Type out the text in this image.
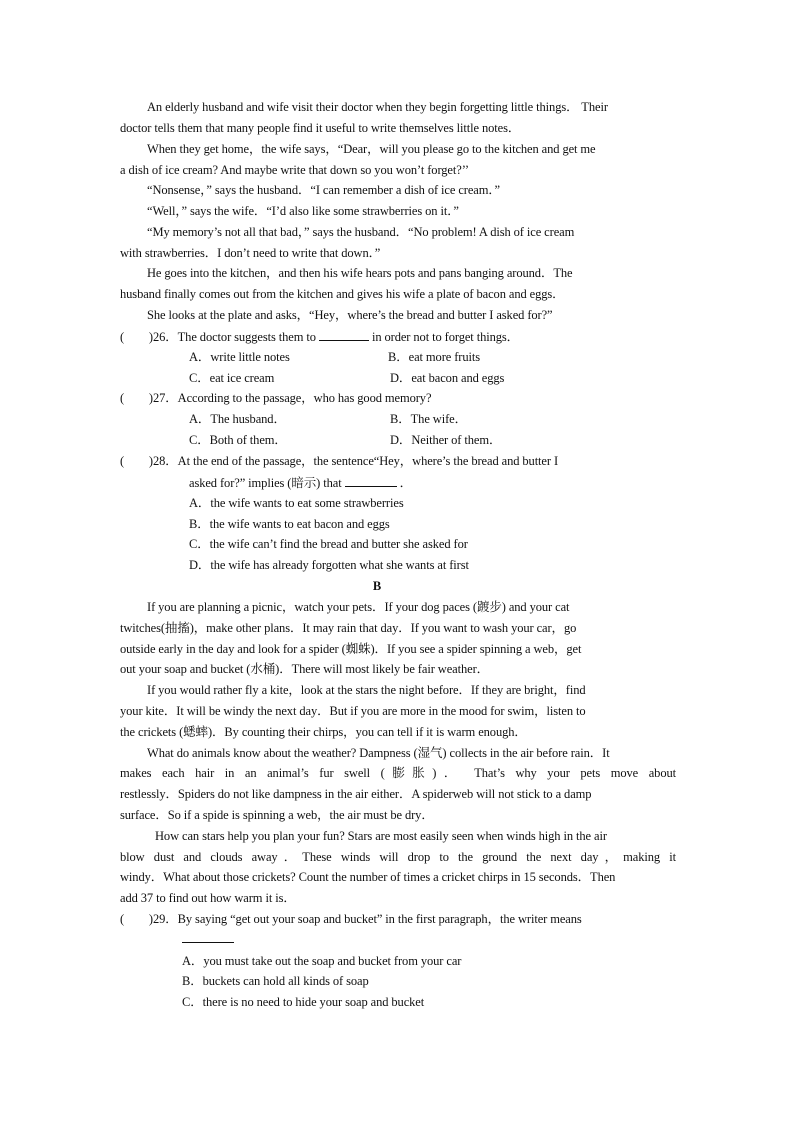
An elderly husband and wife visit their doctor when they begin forgetting little things． Their
doctor tells them that many people find it useful to write themselves little notes．
When they get home，the wife says，“Dear，will you please go to the kitchen and get me
a dish of ice cream? And maybe write that down so you won’t forget?’’
“Nonsense，” says the husband．“I can remember a dish of ice cream．”
“Well，” says the wife．“I’d also like some strawberries on it．”
“My memory’s not all that bad，” says the husband．“No problem! A dish of ice cream
with strawberries．I don’t need to write that down．”
He goes into the kitchen，and then his wife hears pots and pans banging around．The
husband finally comes out from the kitchen and gives his wife a plate of bacon and eggs．
She looks at the plate and asks，“Hey，where’s the bread and butter I asked for?”
(　　)26．The doctor suggests them to	in order not to forget things．
A．write little notes	B．eat more fruits
C．eat ice cream	D．eat bacon and eggs
(　　)27．According to the passage，who has good memory?
A．The husband．	B．The wife．
C．Both of them．	D．Neither of them．
(　　)28．At the end of the passage，the sentence“Hey，where’s the bread and butter I
asked for?” implies (暗示) that	．
A．the wife wants to eat some strawberries
B．the wife wants to eat bacon and eggs
C．the wife can’t find the bread and butter she asked for
D．the wife has already forgotten what she wants at first
B
If you are planning a picnic，watch your pets．If your dog paces (踱步) and your cat
twitches(抽搐)，make other plans．It may rain that day．If you want to wash your car，go
outside early in the day and look for a spider (蜘蛛)．If you see a spider spinning a web，get
out your soap and bucket (水桶)．There will most likely be fair weather．
If you would rather fly a kite，look at the stars the night before．If they are bright，find
your kite．It will be windy the next day．But if you are more in the mood for swim，listen to
the crickets (蟋蟀)．By counting their chirps，you can tell if it is warm enough．
What do animals know about the weather? Dampness (湿气) collects in the air before rain．It
makes each hair in an animal’s fur swell (膨胀)． That’s why your pets move about
restlessly．Spiders do not like dampness in the air either．A spiderweb will not stick to a damp
surface．So if a spide is spinning a web，the air must be dry．
How can stars help you plan your fun? Stars are most easily seen when winds high in the air
blow dust and clouds away．These winds will drop to the ground the next day，making it
windy．What about those crickets? Count the number of times a cricket chirps in 15 seconds．Then
add 37 to find out how warm it is．
(　　)29．By saying “get out your soap and bucket” in the first paragraph，the writer means
A．you must take out the soap and bucket from your car
B．buckets can hold all kinds of soap
C．there is no need to hide your soap and bucket
